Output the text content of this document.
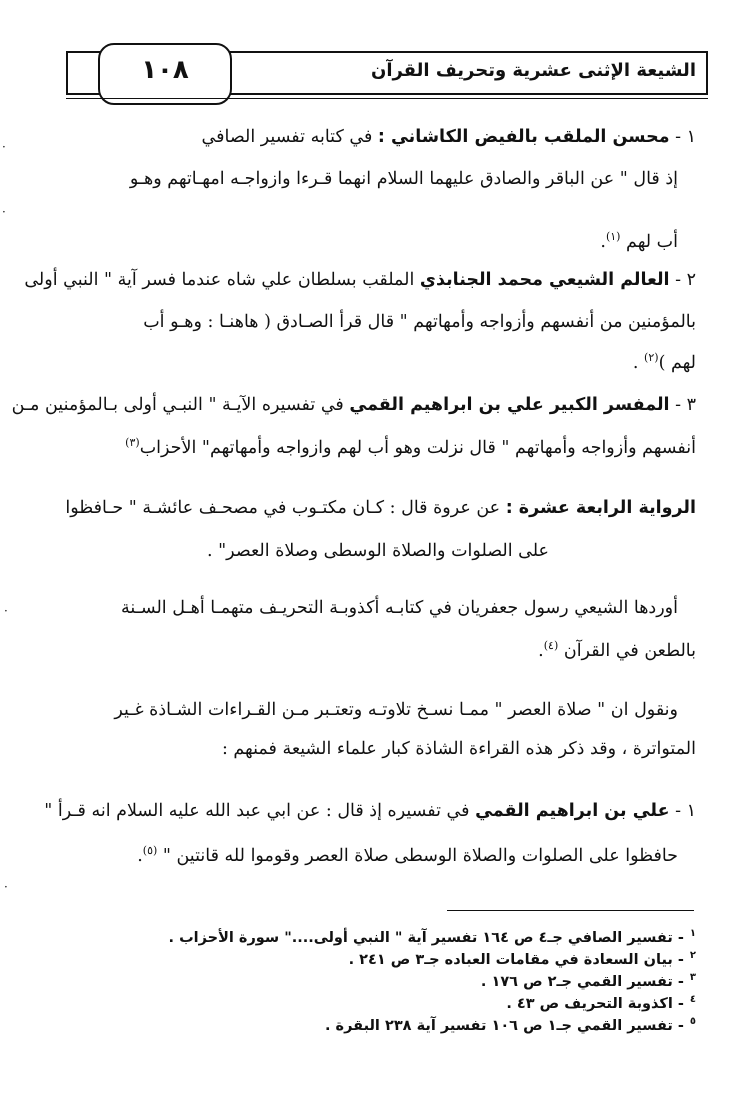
الشيعة الإثنى عشرية وتحريف القرآن
١٠٨
١ - محسن الملقب بالفيض الكاشاني : في كتابه تفسير الصافي
إذ قال " عن الباقر والصادق عليهما السلام انهما قـرءا وازواجـه امهـاتهم وهـو
أب لهم $^{(١)}$.
٢ - العالم الشيعي محمد الجنابذي الملقب بسلطان علي شاه عندما فسر آية " النبي أولى
بالمؤمنين من أنفسهم وأزواجه وأمهاتهم " قال قرأ الصـادق ( هاهنـا : وهـو أب
لهم )$^{(٢)}$ .
٣ - المفسر الكبير علي بن ابراهيم القمي في تفسيره الآيـة " النبـي أولى بـالمؤمنين مـن
أنفسهم وأزواجه وأمهاتهم " قال نزلت وهو أب لهم وازواجه وأمهاتهم" الأحزاب$^{(٣)}$
الرواية الرابعة عشرة : عن عروة قال : كـان مكتـوب في مصحـف عائشـة " حـافظوا
على الصلوات والصلاة الوسطى وصلاة العصر" .
أوردها الشيعي رسول جعفريان في كتابـه أكذوبـة التحريـف متهمـا أهـل السـنة
بالطعن في القرآن $^{(٤)}$.
ونقول ان " صلاة العصر " ممـا نسـخ تلاوتـه وتعتـبر مـن القـراءات الشـاذة غـير
المتواترة ، وقد ذكر هذه القراءة الشاذة كبار علماء الشيعة فمنهم :
١ - علي بن ابراهيم القمي في تفسيره إذ قال : عن ابي عبد الله عليه السلام انه قـرأ "
حافظوا على الصلوات والصلاة الوسطى صلاة العصر وقوموا لله قانتين " $^{(٥)}$.
$^١$- تفسير الصافي جـ٤ ص ١٦٤ تفسير آية " النبي أولى...." سورة الأحزاب .
$^٢$- بيان السعادة في مقامات العباده جـ٣ ص ٢٤١ .
$^٣$- تفسير القمي جـ٢ ص ١٧٦ .
$^٤$- اكذوبة التحريف ص ٤٣ .
$^٥$- تفسير القمي جـ١ ص ١٠٦ تفسير آية ٢٣٨ البقرة .
·
·
·
·
